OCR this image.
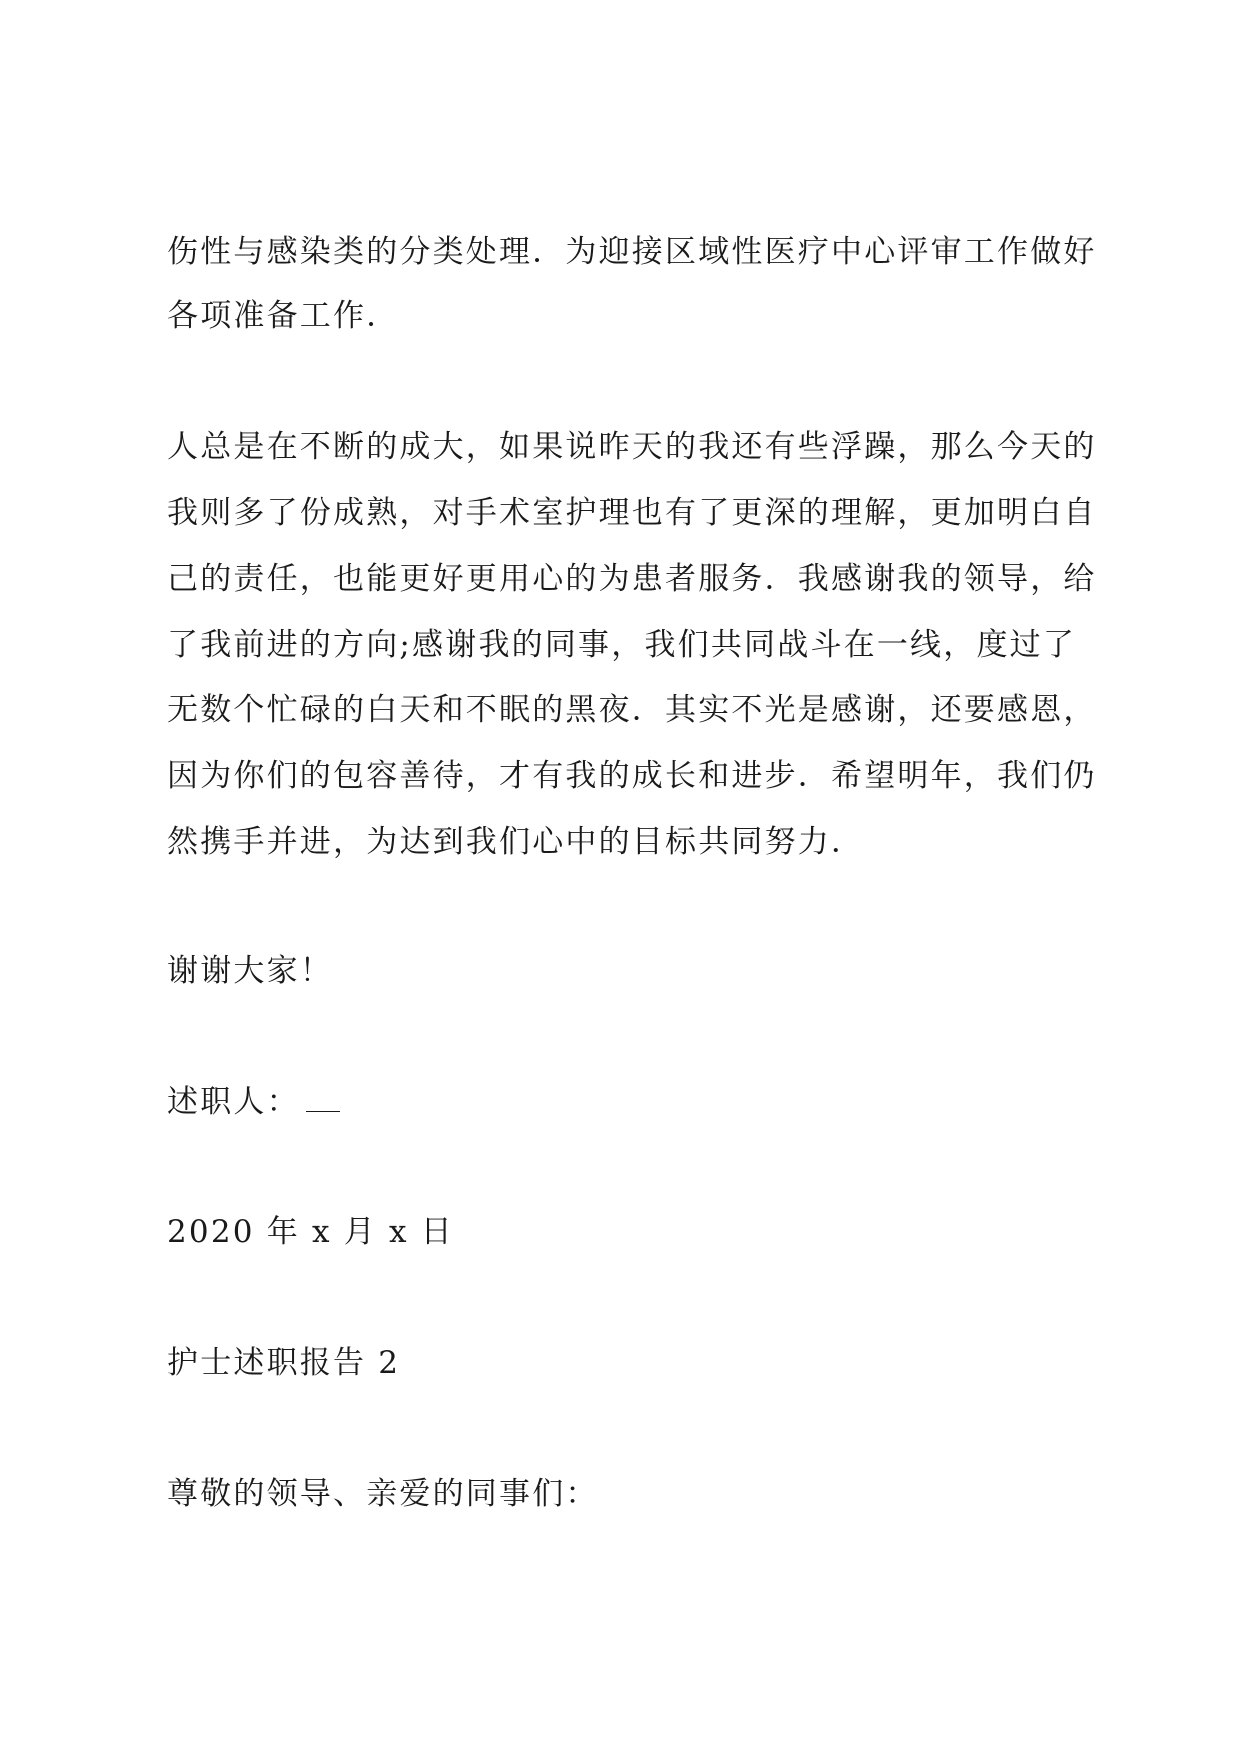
伤性与感染类的分类处理．为迎接区域性医疗中心评审工作做好

各项准备工作．

人总是在不断的成大，如果说昨天的我还有些浮躁，那么今天的

我则多了份成熟，对手术室护理也有了更深的理解，更加明白自

己的责任，也能更好更用心的为患者服务．我感谢我的领导，给

了我前进的方向;感谢我的同事，我们共同战斗在一线，度过了

无数个忙碌的白天和不眠的黑夜．其实不光是感谢，还要感恩，

因为你们的包容善待，才有我的成长和进步．希望明年，我们仍

然携手并进，为达到我们心中的目标共同努力．

谢谢大家！

述职人：

2020 年 x 月 x 日

护士述职报告 2

尊敬的领导、亲爱的同事们：
